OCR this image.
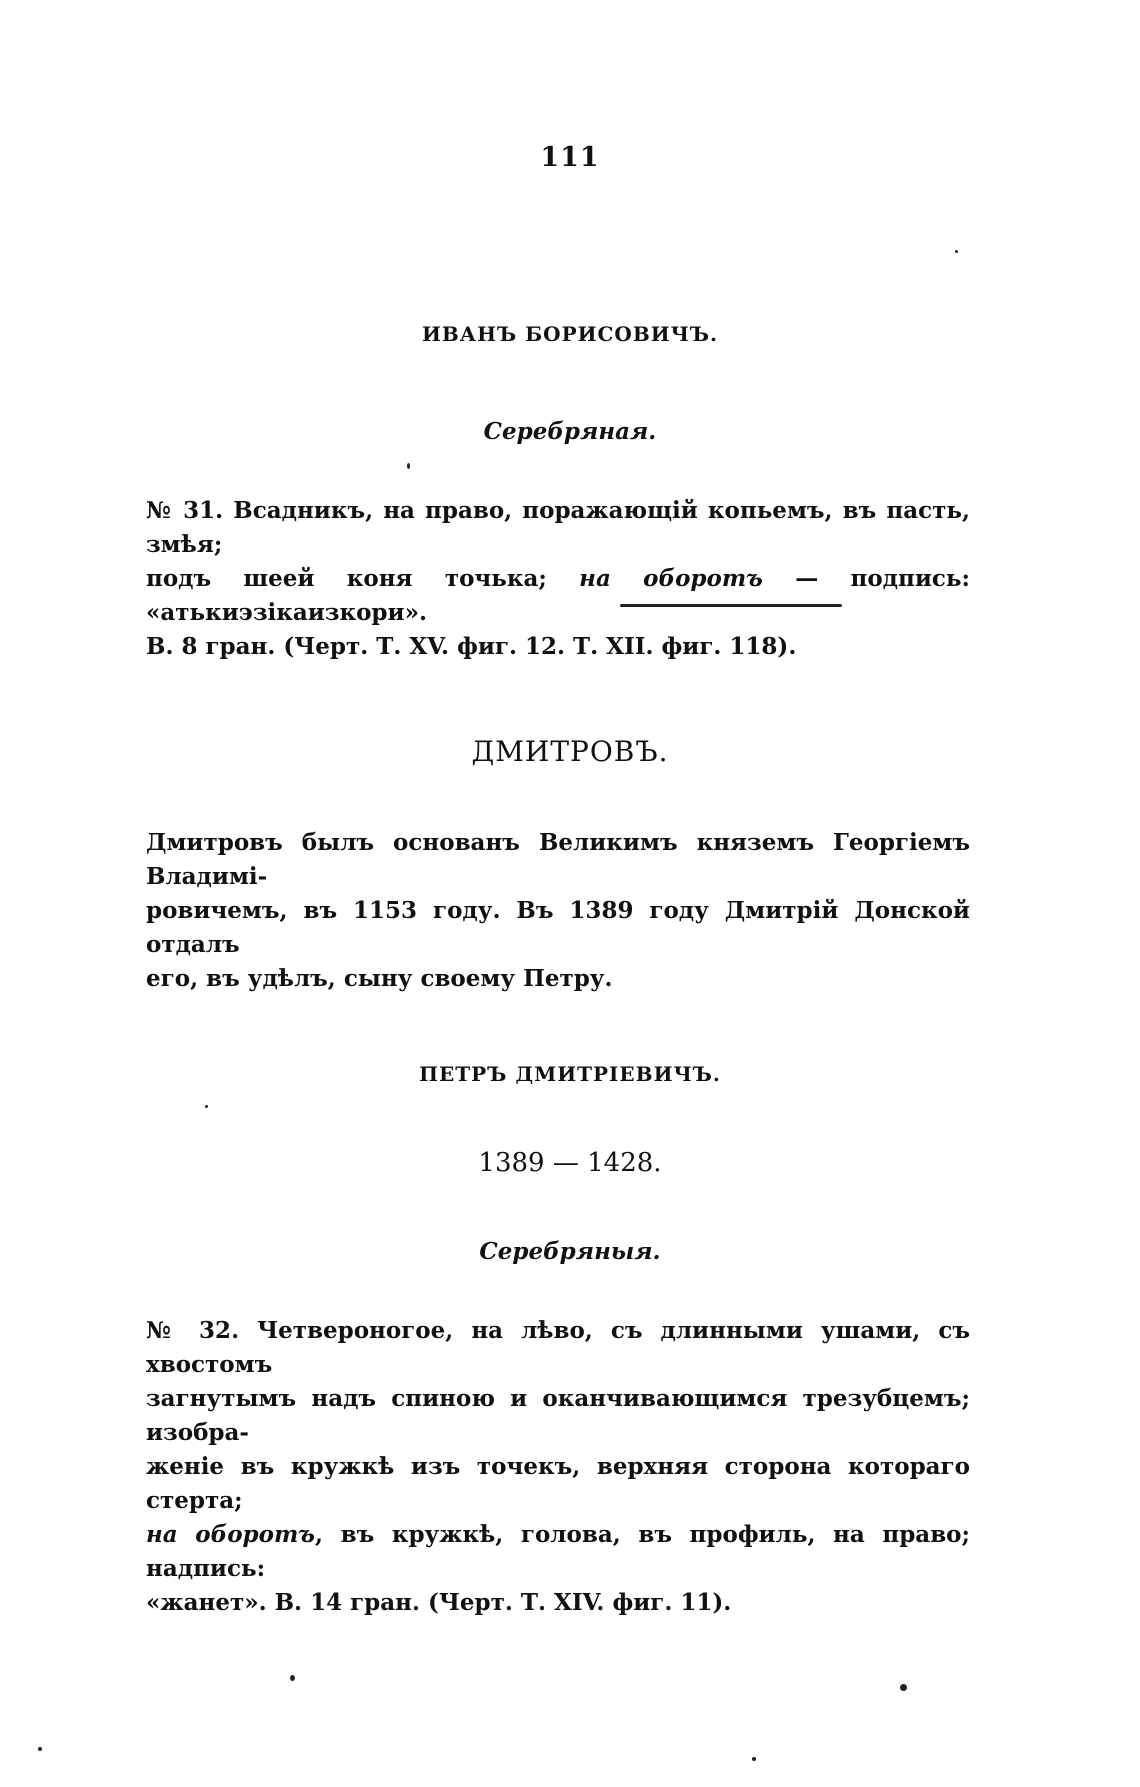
111
ИВАНЪ БОРИСОВИЧЪ.
Серебряная.
№ 31. Всадникъ, на право, поражающій копьемъ, въ пасть, змѣя;
подъ шеей коня точька; на оборотъ — подпись: «атькиэзікаизкори».
В. 8 гран. (Черт. Т. XV. фиг. 12. Т. XII. фиг. 118).
ДМИТРОВЪ.
Дмитровъ былъ основанъ Великимъ княземъ Георгіемъ Владимі-
ровичемъ, въ 1153 году. Въ 1389 году Дмитрій Донской отдалъ
его, въ удѣлъ, сыну своему Петру.
ПЕТРЪ ДМИТРІЕВИЧЪ.
1389 — 1428.
Серебряныя.
№ 32. Четвероногое, на лѣво, съ длинными ушами, съ хвостомъ
загнутымъ надъ спиною и оканчивающимся трезубцемъ; изобра-
женіе въ кружкѣ изъ точекъ, верхняя сторона котораго стерта;
на оборотъ, въ кружкѣ, голова, въ профиль, на право; надпись:
«жанет». В. 14 гран. (Черт. Т. XIV. фиг. 11).
